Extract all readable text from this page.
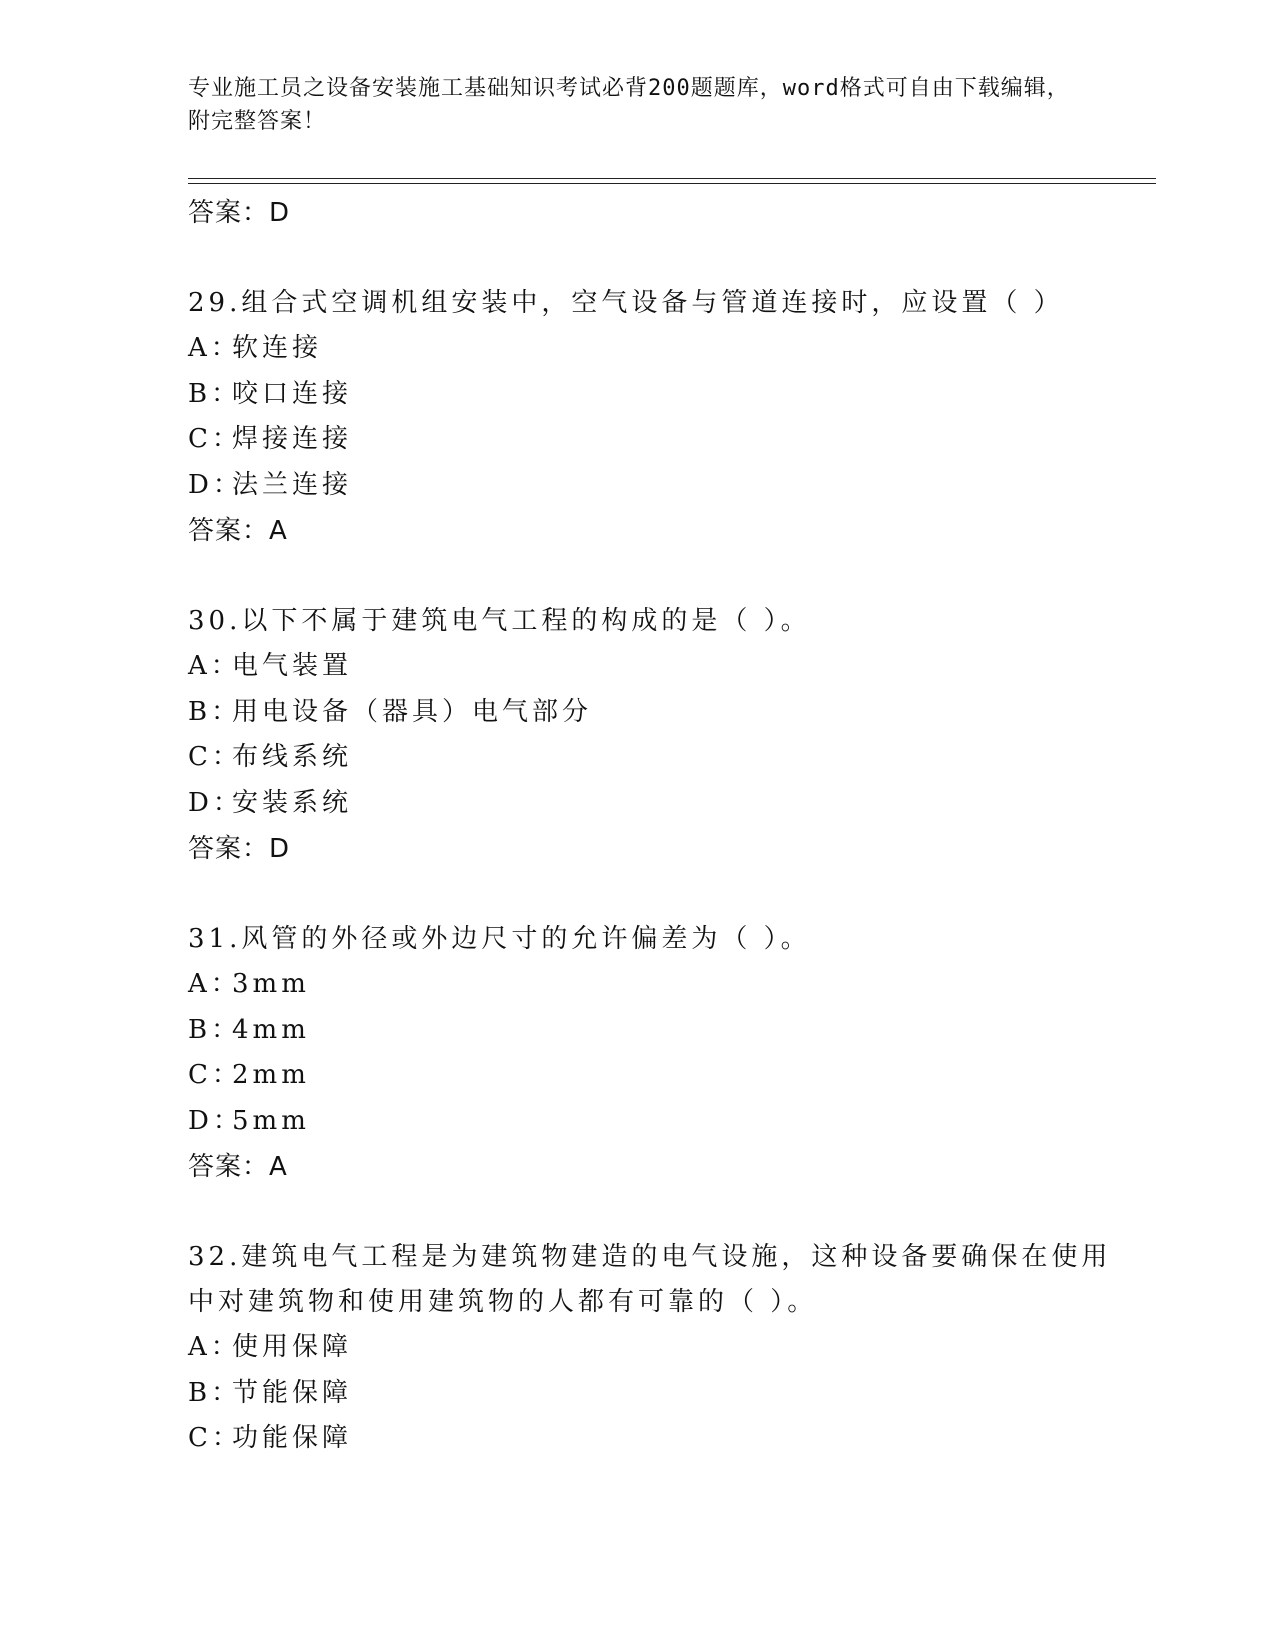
专业施工员之设备安装施工基础知识考试必背200题题库，word格式可自由下载编辑，附完整答案！
答案：D
29.组合式空调机组安装中，空气设备与管道连接时，应设置（ ）
A：软连接
B：咬口连接
C：焊接连接
D：法兰连接
答案：A
30.以下不属于建筑电气工程的构成的是（ ）。
A：电气装置
B：用电设备（器具）电气部分
C：布线系统
D：安装系统
答案：D
31.风管的外径或外边尺寸的允许偏差为（ ）。
A：3mm
B：4mm
C：2mm
D：5mm
答案：A
32.建筑电气工程是为建筑物建造的电气设施，这种设备要确保在使用中对建筑物和使用建筑物的人都有可靠的（ ）。
A：使用保障
B：节能保障
C：功能保障
